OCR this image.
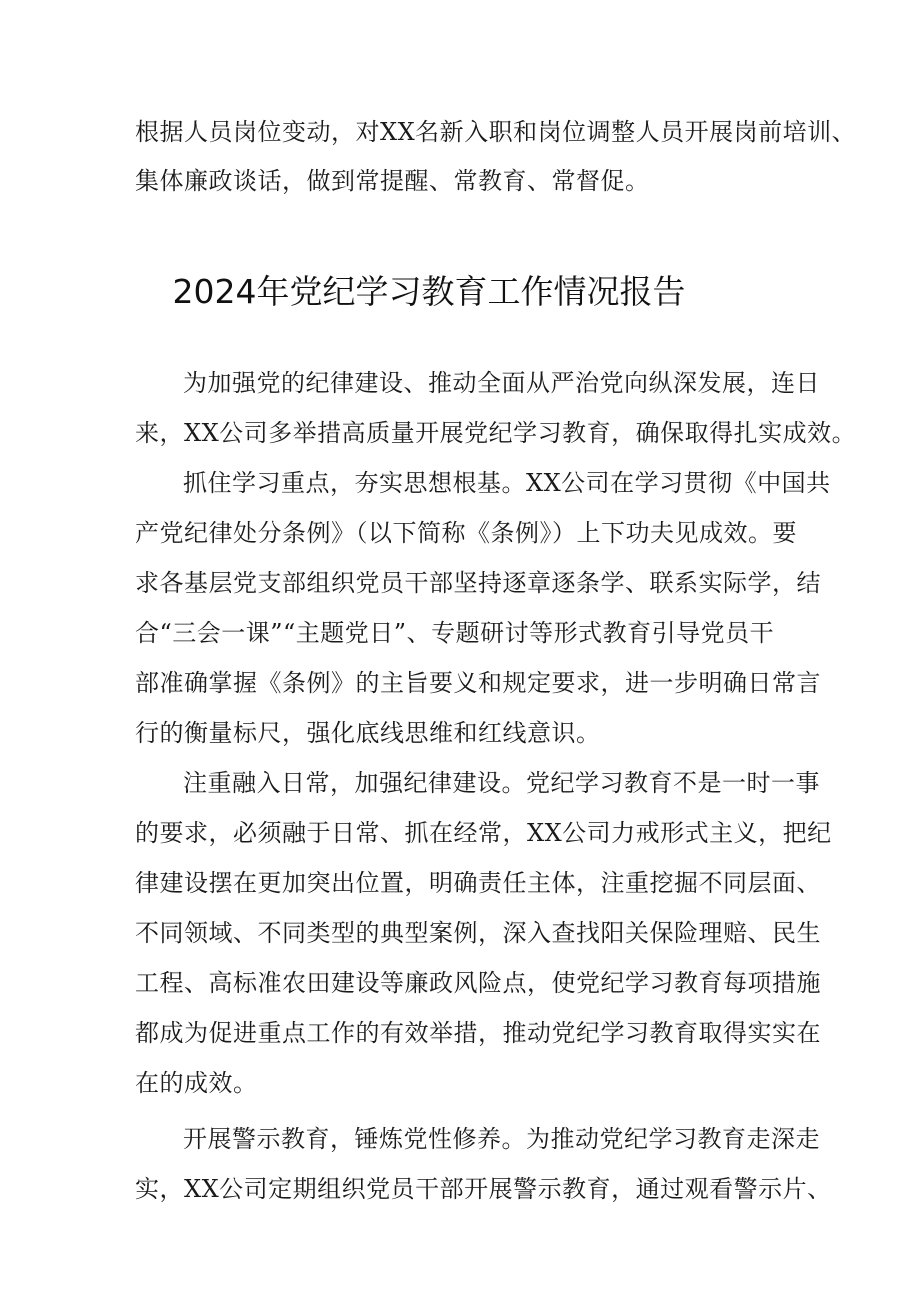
根据人员岗位变动，对XX名新入职和岗位调整人员开展岗前培训、
集体廉政谈话，做到常提醒、常教育、常督促。
2024年党纪学习教育工作情况报告
为加强党的纪律建设、推动全面从严治党向纵深发展，连日
来，XX公司多举措高质量开展党纪学习教育，确保取得扎实成效。
抓住学习重点，夯实思想根基。XX公司在学习贯彻《中国共
产党纪律处分条例》（以下简称《条例》）上下功夫见成效。要
求各基层党支部组织党员干部坚持逐章逐条学、联系实际学，结
合“三会一课”“主题党日”、专题研讨等形式教育引导党员干
部准确掌握《条例》的主旨要义和规定要求，进一步明确日常言
行的衡量标尺，强化底线思维和红线意识。
注重融入日常，加强纪律建设。党纪学习教育不是一时一事
的要求，必须融于日常、抓在经常，XX公司力戒形式主义，把纪
律建设摆在更加突出位置，明确责任主体，注重挖掘不同层面、
不同领域、不同类型的典型案例，深入查找阳关保险理赔、民生
工程、高标准农田建设等廉政风险点，使党纪学习教育每项措施
都成为促进重点工作的有效举措，推动党纪学习教育取得实实在
在的成效。
开展警示教育，锤炼党性修养。为推动党纪学习教育走深走
实，XX公司定期组织党员干部开展警示教育，通过观看警示片、
